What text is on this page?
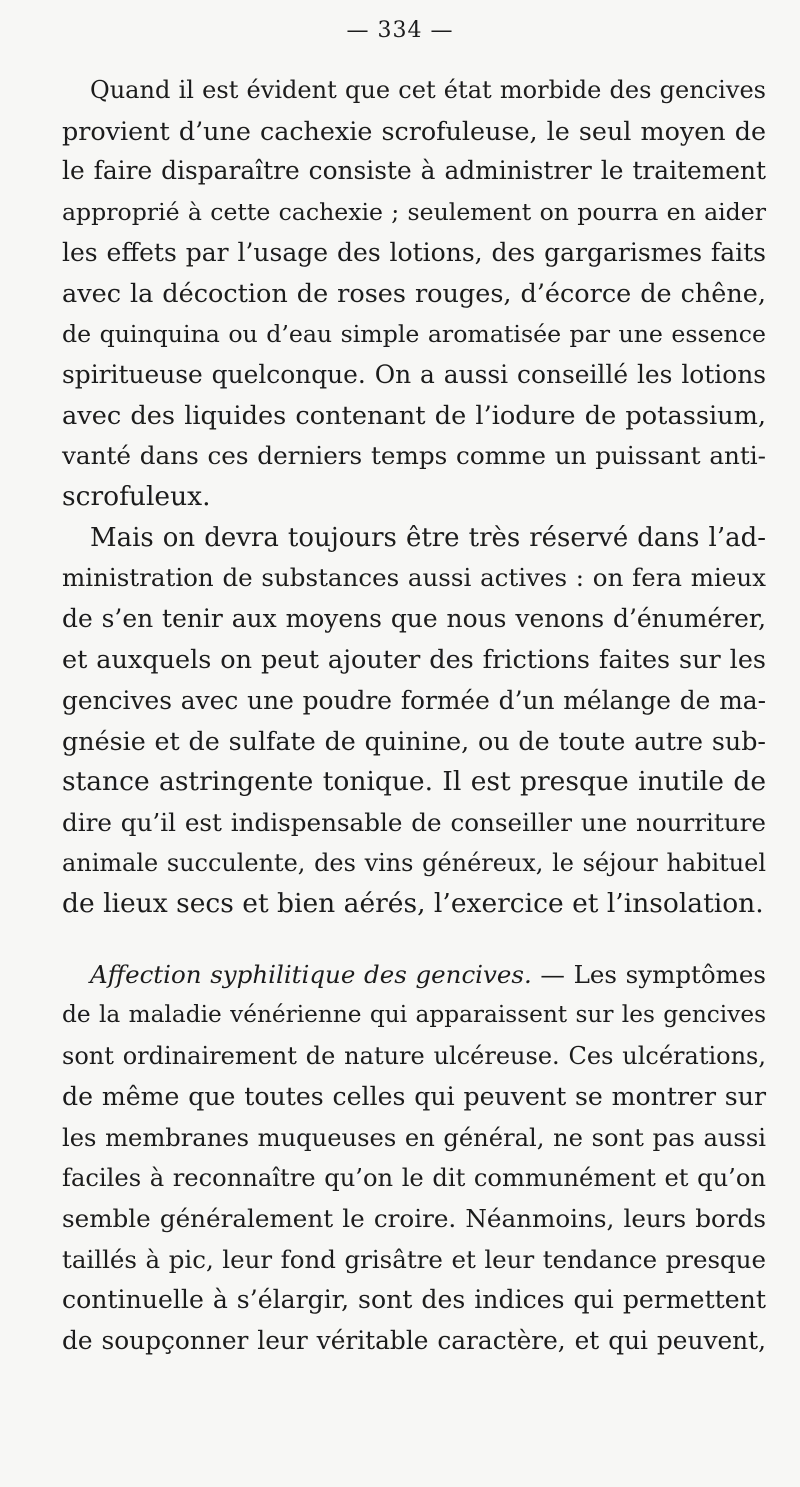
— 334 —
Quand il est évident que cet état morbide des gencives
provient d’une cachexie scrofuleuse, le seul moyen de
le faire disparaître consiste à administrer le traitement
approprié à cette cachexie ; seulement on pourra en aider
les effets par l’usage des lotions, des gargarismes faits
avec la décoction de roses rouges, d’écorce de chêne,
de quinquina ou d’eau simple aromatisée par une essence
spiritueuse quelconque. On a aussi conseillé les lotions
avec des liquides contenant de l’iodure de potassium,
vanté dans ces derniers temps comme un puissant anti-
scrofuleux.
Mais on devra toujours être très réservé dans l’ad-
ministration de substances aussi actives : on fera mieux
de s’en tenir aux moyens que nous venons d’énumérer,
et auxquels on peut ajouter des frictions faites sur les
gencives avec une poudre formée d’un mélange de ma-
gnésie et de sulfate de quinine, ou de toute autre sub-
stance astringente tonique. Il est presque inutile de
dire qu’il est indispensable de conseiller une nourriture
animale succulente, des vins généreux, le séjour habituel
de lieux secs et bien aérés, l’exercice et l’insolation.
Affection syphilitique des gencives. — Les symptômes
de la maladie vénérienne qui apparaissent sur les gencives
sont ordinairement de nature ulcéreuse. Ces ulcérations,
de même que toutes celles qui peuvent se montrer sur
les membranes muqueuses en général, ne sont pas aussi
faciles à reconnaître qu’on le dit communément et qu’on
semble généralement le croire. Néanmoins, leurs bords
taillés à pic, leur fond grisâtre et leur tendance presque
continuelle à s’élargir, sont des indices qui permettent
de soupçonner leur véritable caractère, et qui peuvent,
